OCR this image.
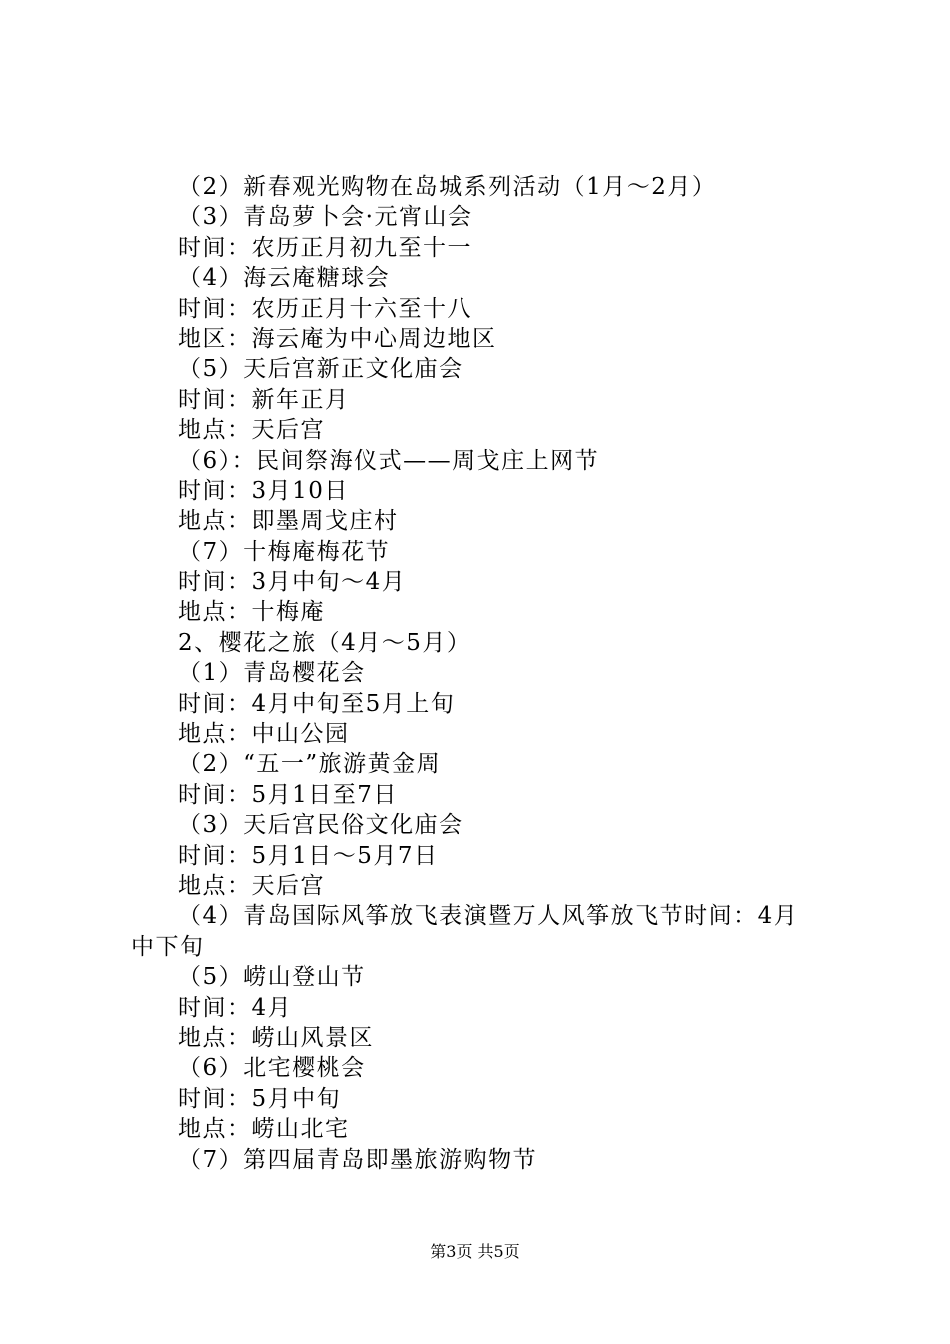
（2）新春观光购物在岛城系列活动（1月～2月）
（3）青岛萝卜会·元宵山会
时间：农历正月初九至十一
（4）海云庵糖球会
时间：农历正月十六至十八
地区：海云庵为中心周边地区
（5）天后宫新正文化庙会
时间：新年正月
地点：天后宫
（6）：民间祭海仪式——周戈庄上网节
时间：3月10日
地点：即墨周戈庄村
（7）十梅庵梅花节
时间：3月中旬～4月
地点：十梅庵
2、樱花之旅（4月～5月）
（1）青岛樱花会
时间：4月中旬至5月上旬
地点：中山公园
（2）“五一”旅游黄金周
时间：5月1日至7日
（3）天后宫民俗文化庙会
时间：5月1日～5月7日
地点：天后宫
（4）青岛国际风筝放飞表演暨万人风筝放飞节时间：4月
中下旬
（5）崂山登山节
时间：4月
地点：崂山风景区
（6）北宅樱桃会
时间：5月中旬
地点：崂山北宅
（7）第四届青岛即墨旅游购物节
第3页 共5页
